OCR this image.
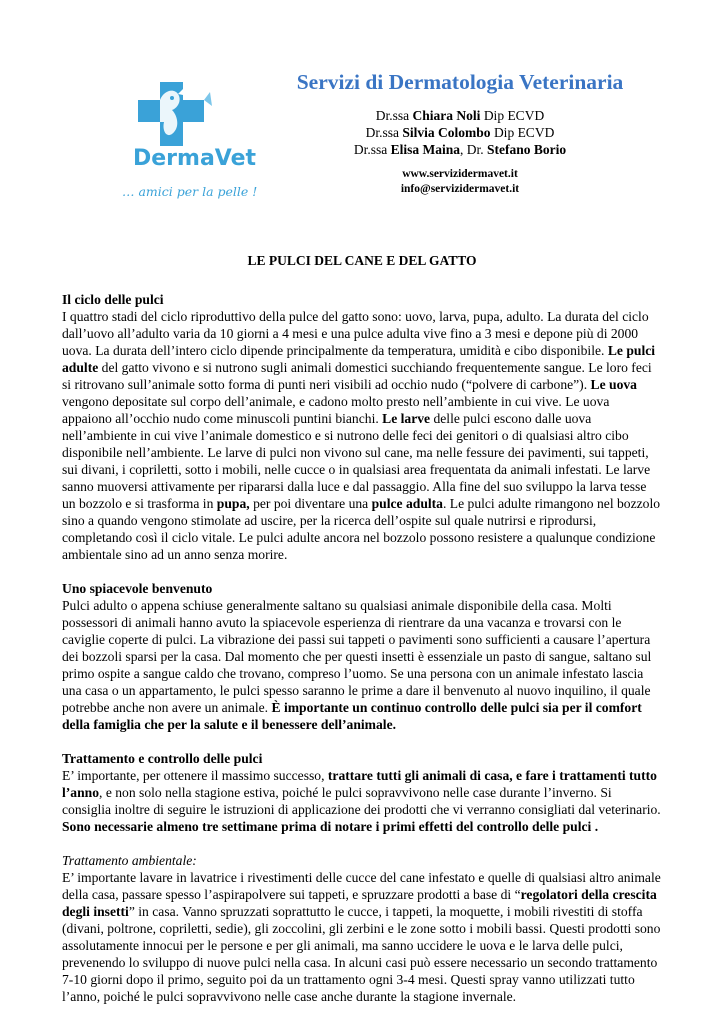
DermaVet
… amici per la pelle !
Servizi di Dermatologia Veterinaria
Dr.ssa Chiara Noli Dip ECVD
Dr.ssa Silvia Colombo Dip ECVD
Dr.ssa Elisa Maina, Dr. Stefano Borio
www.servizidermavet.it
info@servizidermavet.it
LE PULCI DEL CANE E DEL GATTO
Il ciclo delle pulci

I quattro stadi del ciclo riproduttivo della pulce del gatto sono: uovo, larva, pupa, adulto. La durata del ciclo dall’uovo all’adulto varia da 10 giorni a 4 mesi e una pulce adulta vive fino a 3 mesi e depone più di 2000 uova. La durata dell’intero ciclo dipende principalmente da temperatura, umidità e cibo disponibile. Le pulci adulte del gatto vivono e si nutrono sugli animali domestici succhiando frequentemente sangue. Le loro feci si ritrovano sull’animale sotto forma di punti neri visibili ad occhio nudo (“polvere di carbone”). Le uova vengono depositate sul corpo dell’animale, e cadono molto presto nell’ambiente in cui vive. Le uova appaiono all’occhio nudo come minuscoli puntini bianchi. Le larve delle pulci escono dalle uova nell’ambiente in cui vive l’animale domestico e si nutrono delle feci dei genitori o di qualsiasi altro cibo disponibile nell’ambiente. Le larve di pulci non vivono sul cane, ma nelle fessure dei pavimenti, sui tappeti, sui divani, i copriletti, sotto i mobili, nelle cucce o in qualsiasi area frequentata da animali infestati. Le larve sanno muoversi attivamente per ripararsi dalla luce e dal passaggio. Alla fine del suo sviluppo la larva tesse un bozzolo e si trasforma in pupa, per poi diventare una pulce adulta. Le pulci adulte rimangono nel bozzolo sino a quando vengono stimolate ad uscire, per la ricerca dell’ospite sul quale nutrirsi e riprodursi, completando così il ciclo vitale. Le pulci adulte ancora nel bozzolo possono resistere a qualunque condizione ambientale sino ad un anno senza morire.

Uno spiacevole benvenuto

Pulci adulto o appena schiuse generalmente saltano su qualsiasi animale disponibile della casa. Molti possessori di animali hanno avuto la spiacevole esperienza di rientrare da una vacanza e trovarsi con le caviglie coperte di pulci. La vibrazione dei passi sui tappeti o pavimenti sono sufficienti a causare l’apertura dei bozzoli sparsi per la casa. Dal momento che per questi insetti è essenziale un pasto di sangue, saltano sul primo ospite a sangue caldo che trovano, compreso l’uomo. Se una persona con un animale infestato lascia una casa o un appartamento, le pulci spesso saranno le prime a dare il benvenuto al nuovo inquilino, il quale potrebbe anche non avere un animale. È importante un continuo controllo delle pulci sia per il comfort della famiglia che per la salute e il benessere dell’animale.

Trattamento e controllo delle pulci

E’ importante, per ottenere il massimo successo, trattare tutti gli animali di casa, e fare i trattamenti tutto l’anno, e non solo nella stagione estiva, poiché le pulci sopravvivono nelle case durante l’inverno. Si consiglia inoltre di seguire le istruzioni di applicazione dei prodotti che vi verranno consigliati dal veterinario. Sono necessarie almeno tre settimane prima di notare i primi effetti del controllo delle pulci .

Trattamento ambientale:

E’ importante lavare in lavatrice i rivestimenti delle cucce del cane infestato e quelle di qualsiasi altro animale della casa, passare spesso l’aspirapolvere sui tappeti, e spruzzare prodotti a base di “regolatori della crescita degli insetti” in casa. Vanno spruzzati soprattutto le cucce, i tappeti, la moquette, i mobili rivestiti di stoffa (divani, poltrone, copriletti, sedie), gli zoccolini, gli zerbini e le zone sotto i mobili bassi. Questi prodotti sono assolutamente innocui per le persone e per gli animali, ma sanno uccidere le uova e le larva delle pulci, prevenendo lo sviluppo di nuove pulci nella casa. In alcuni casi può essere necessario un secondo trattamento 7-10 giorni dopo il primo, seguito poi da un trattamento ogni 3-4 mesi. Questi spray vanno utilizzati tutto l’anno, poiché le pulci sopravvivono nelle case anche durante la stagione invernale.
